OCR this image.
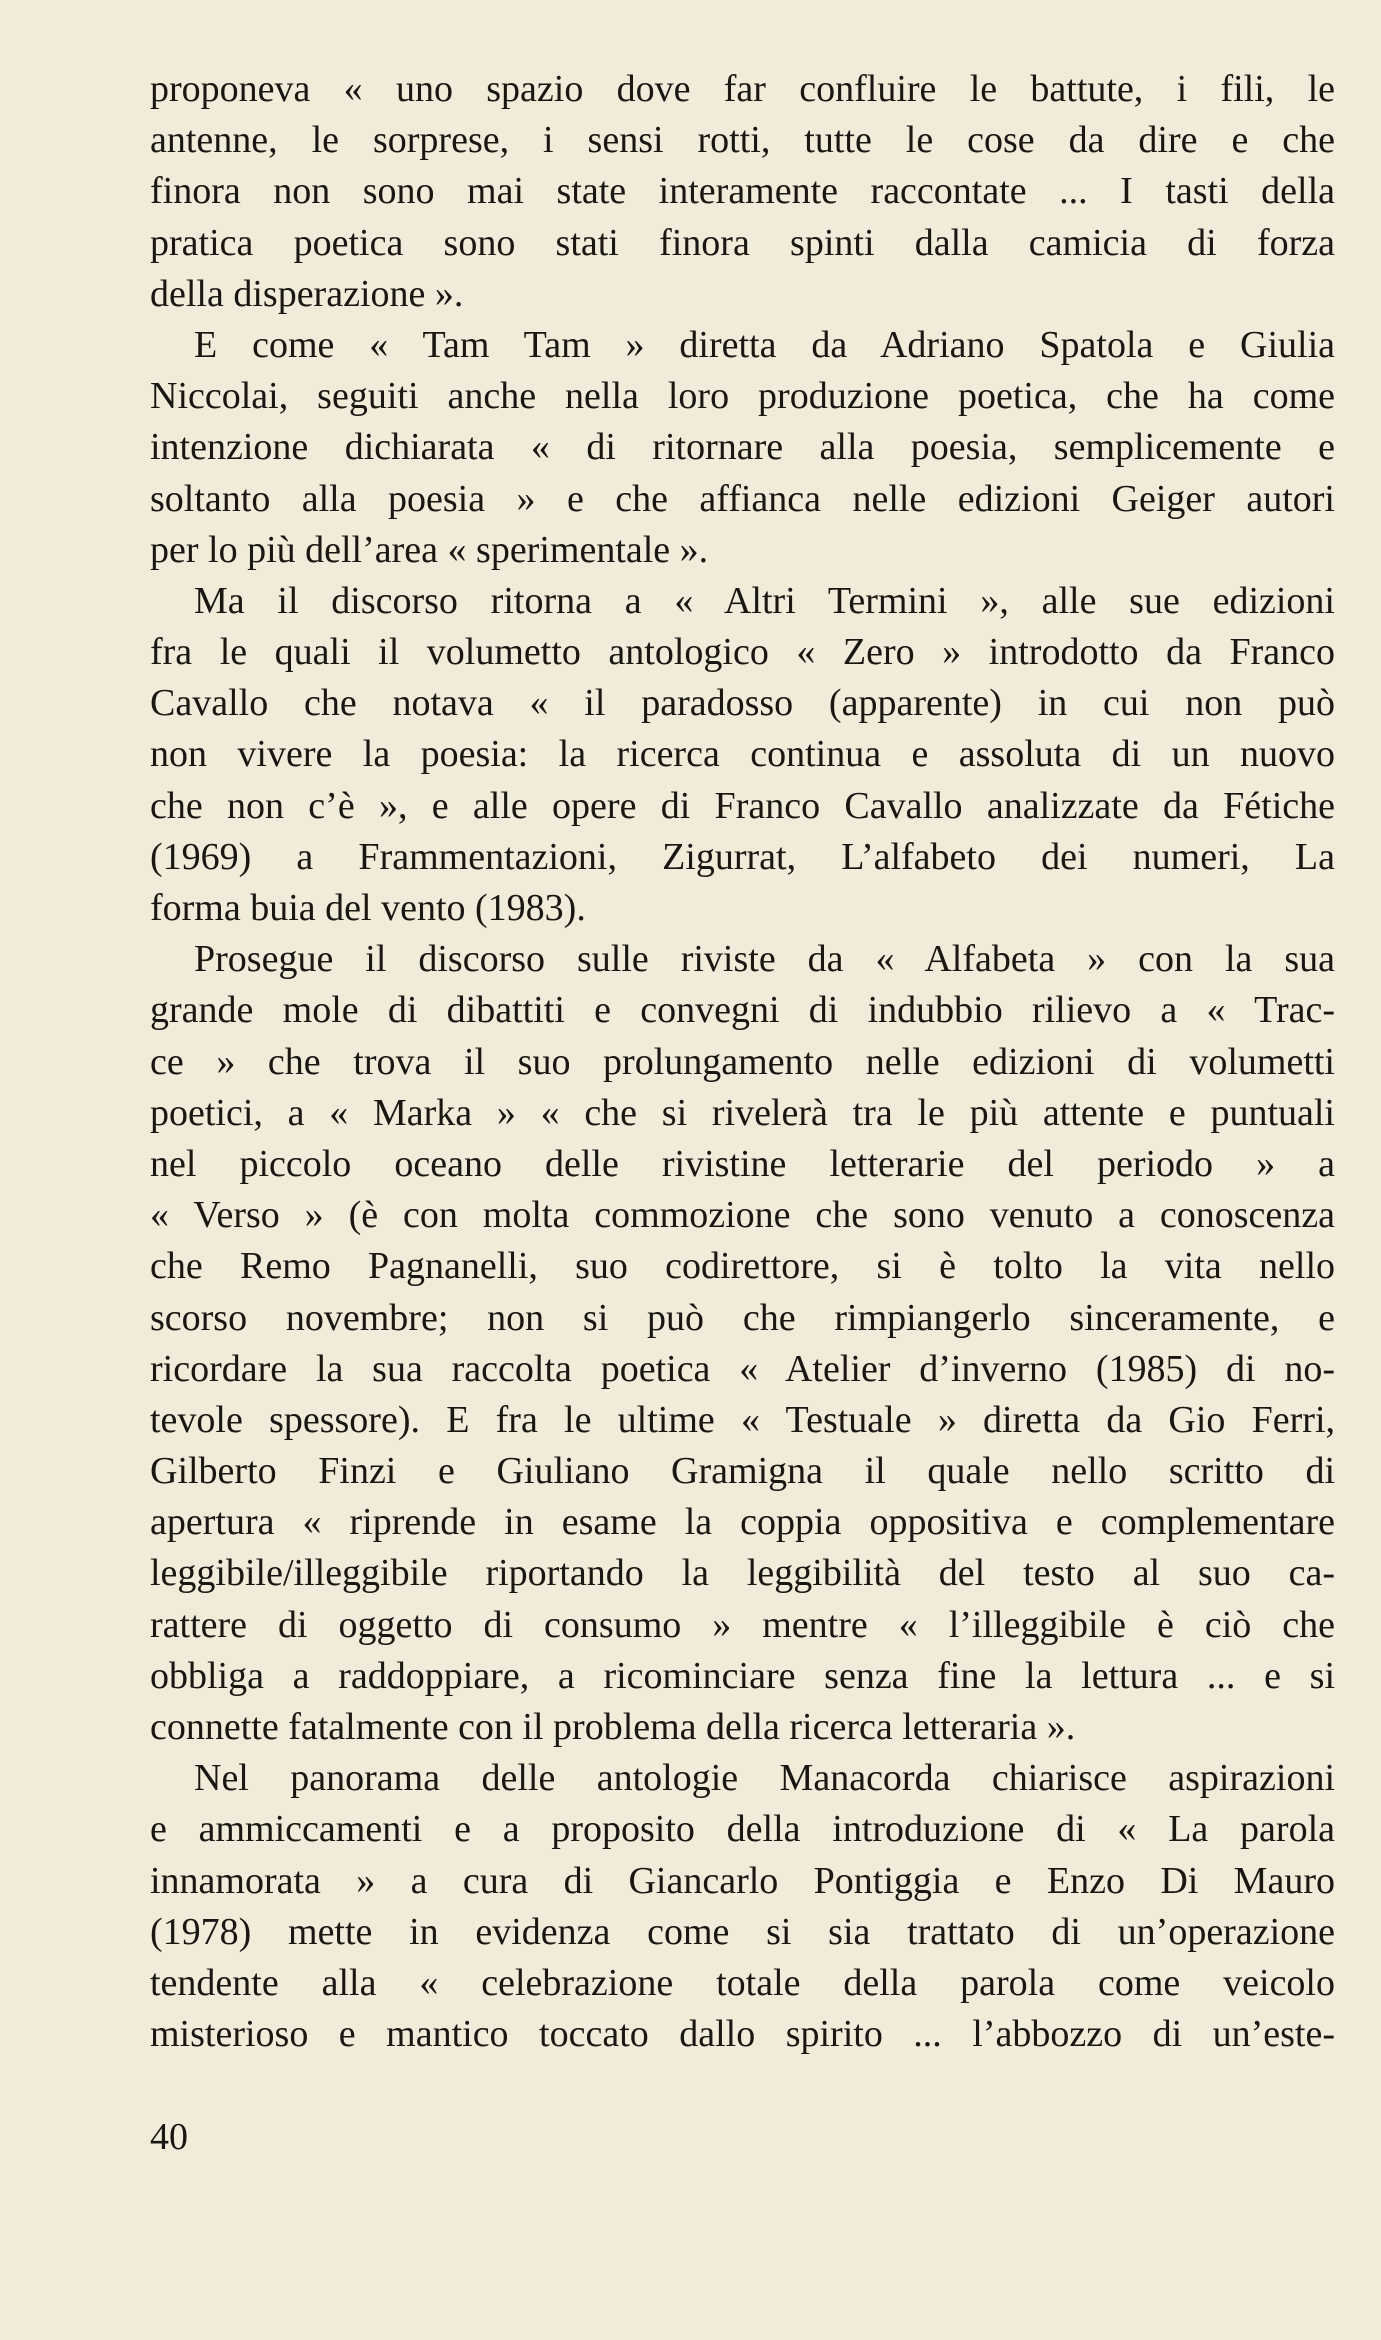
proponeva « uno spazio dove far confluire le battute, i fili, le
antenne, le sorprese, i sensi rotti, tutte le cose da dire e che
finora non sono mai state interamente raccontate ... I tasti della
pratica poetica sono stati finora spinti dalla camicia di forza
della disperazione ».
E come « Tam Tam » diretta da Adriano Spatola e Giulia
Niccolai, seguiti anche nella loro produzione poetica, che ha come
intenzione dichiarata « di ritornare alla poesia, semplicemente e
soltanto alla poesia » e che affianca nelle edizioni Geiger autori
per lo più dell’area « sperimentale ».
Ma il discorso ritorna a « Altri Termini », alle sue edizioni
fra le quali il volumetto antologico « Zero » introdotto da Franco
Cavallo che notava « il paradosso (apparente) in cui non può
non vivere la poesia: la ricerca continua e assoluta di un nuovo
che non c’è », e alle opere di Franco Cavallo analizzate da Fétiche
(1969) a Frammentazioni, Zigurrat, L’alfabeto dei numeri, La
forma buia del vento (1983).
Prosegue il discorso sulle riviste da « Alfabeta » con la sua
grande mole di dibattiti e convegni di indubbio rilievo a « Trac-
ce » che trova il suo prolungamento nelle edizioni di volumetti
poetici, a « Marka » « che si rivelerà tra le più attente e puntuali
nel piccolo oceano delle rivistine letterarie del periodo » a
« Verso » (è con molta commozione che sono venuto a conoscenza
che Remo Pagnanelli, suo codirettore, si è tolto la vita nello
scorso novembre; non si può che rimpiangerlo sinceramente, e
ricordare la sua raccolta poetica « Atelier d’inverno (1985) di no-
tevole spessore). E fra le ultime « Testuale » diretta da Gio Ferri,
Gilberto Finzi e Giuliano Gramigna il quale nello scritto di
apertura « riprende in esame la coppia oppositiva e complementare
leggibile/illeggibile riportando la leggibilità del testo al suo ca-
rattere di oggetto di consumo » mentre « l’illeggibile è ciò che
obbliga a raddoppiare, a ricominciare senza fine la lettura ... e si
connette fatalmente con il problema della ricerca letteraria ».
Nel panorama delle antologie Manacorda chiarisce aspirazioni
e ammiccamenti e a proposito della introduzione di « La parola
innamorata » a cura di Giancarlo Pontiggia e Enzo Di Mauro
(1978) mette in evidenza come si sia trattato di un’operazione
tendente alla « celebrazione totale della parola come veicolo
misterioso e mantico toccato dallo spirito ... l’abbozzo di un’este-
40
